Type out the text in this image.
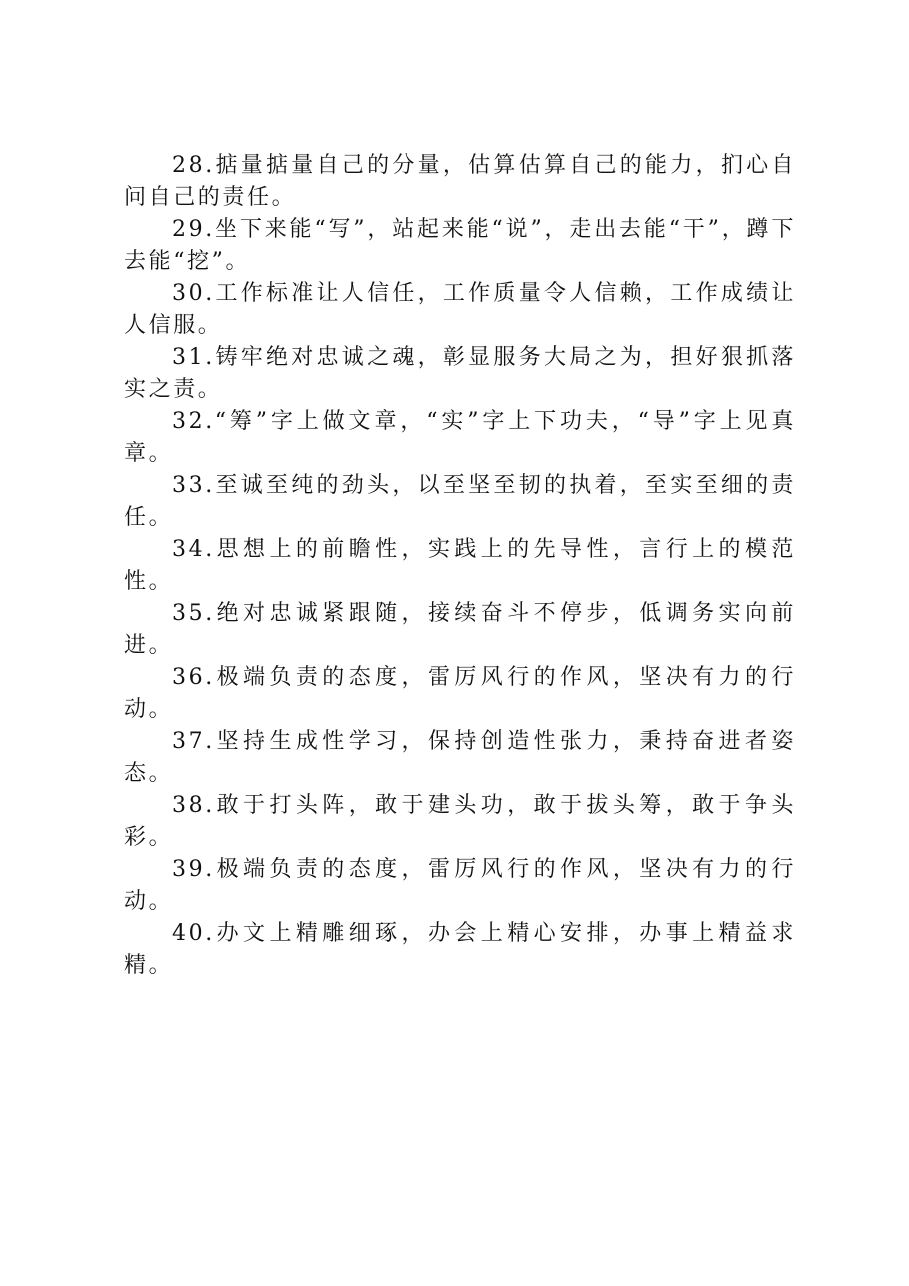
28.掂量掂量自己的分量，估算估算自己的能力，扪心自问自己的责任。

29.坐下来能“写”，站起来能“说”，走出去能“干”，蹲下去能“挖”。

30.工作标准让人信任，工作质量令人信赖，工作成绩让人信服。

31.铸牢绝对忠诚之魂，彰显服务大局之为，担好狠抓落实之责。

32.“筹”字上做文章，“实”字上下功夫，“导”字上见真章。

33.至诚至纯的劲头，以至坚至韧的执着，至实至细的责任。

34.思想上的前瞻性，实践上的先导性，言行上的模范性。

35.绝对忠诚紧跟随，接续奋斗不停步，低调务实向前进。

36.极端负责的态度，雷厉风行的作风，坚决有力的行动。

37.坚持生成性学习，保持创造性张力，秉持奋进者姿态。

38.敢于打头阵，敢于建头功，敢于拔头筹，敢于争头彩。

39.极端负责的态度，雷厉风行的作风，坚决有力的行动。

40.办文上精雕细琢，办会上精心安排，办事上精益求精。
